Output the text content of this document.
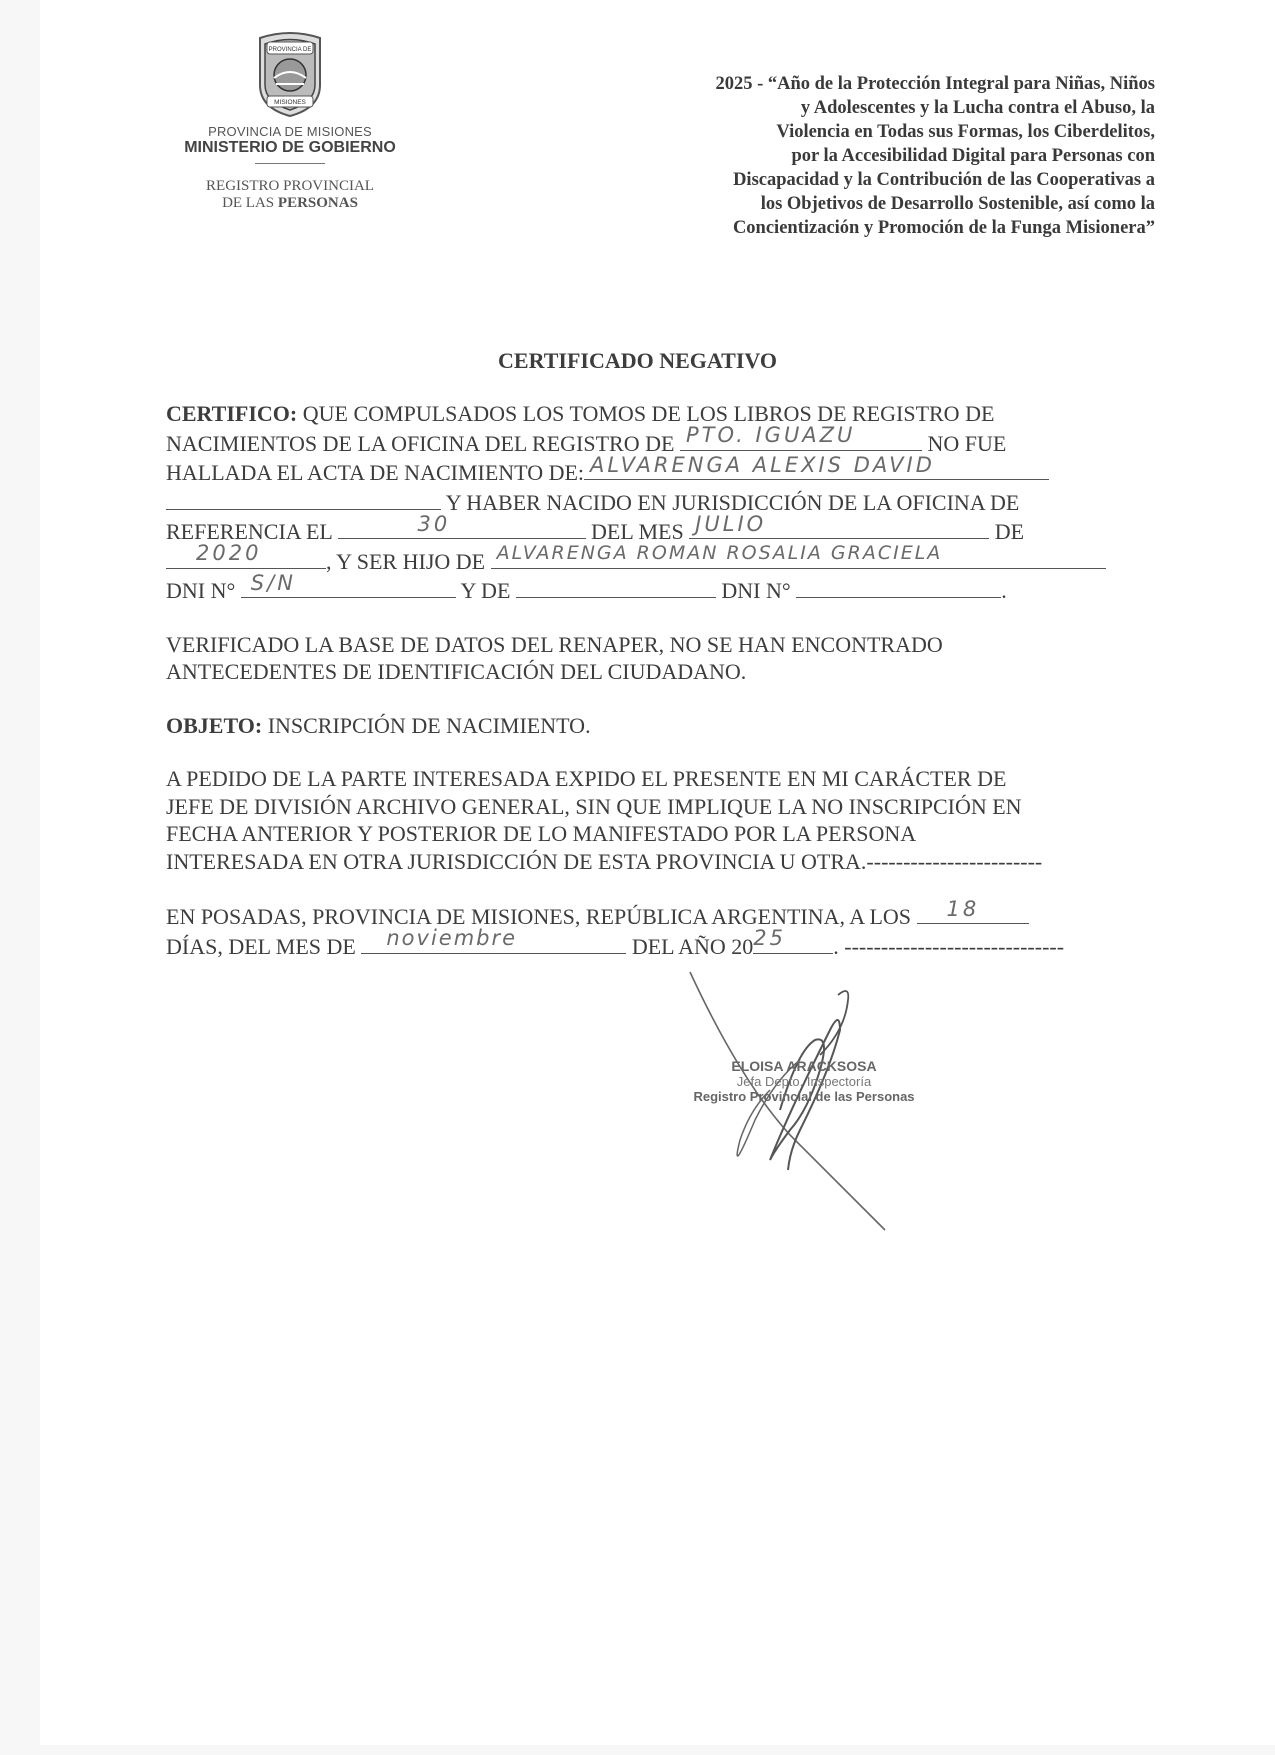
PROVINCIA DE
MISIONES
PROVINCIA DE MISIONES
MINISTERIO DE GOBIERNO
REGISTRO PROVINCIAL
DE LAS PERSONAS
2025 - “Año de la Protección Integral para Niñas, Niños
y Adolescentes y la Lucha contra el Abuso, la
Violencia en Todas sus Formas, los Ciberdelitos,
por la Accesibilidad Digital para Personas con
Discapacidad y la Contribución de las Cooperativas a
los Objetivos de Desarrollo Sostenible, así como la
Concientización y Promoción de la Funga Misionera”
CERTIFICADO NEGATIVO
CERTIFICO: QUE COMPULSADOS LOS TOMOS DE LOS LIBROS DE REGISTRO DE
NACIMIENTOS DE LA OFICINA DEL REGISTRO DE PTO. IGUAZU	NO FUE
HALLADA EL ACTA DE NACIMIENTO DE: ALVARENGA ALEXIS DAVID
Y HABER NACIDO EN JURISDICCIÓN DE LA OFICINA DE
REFERENCIA EL	30	DEL MES JULIO	DE
2020	, Y SER HIJO DE ALVARENGA ROMAN ROSALIA GRACIELA
DNI N° S/N	Y DE	DNI N°	.
VERIFICADO LA BASE DE DATOS DEL RENAPER, NO SE HAN ENCONTRADO
ANTECEDENTES DE IDENTIFICACIÓN DEL CIUDADANO.
OBJETO: INSCRIPCIÓN DE NACIMIENTO.
A PEDIDO DE LA PARTE INTERESADA EXPIDO EL PRESENTE EN MI CARÁCTER DE
JEFE DE DIVISIÓN ARCHIVO GENERAL, SIN QUE IMPLIQUE LA NO INSCRIPCIÓN EN
FECHA ANTERIOR Y POSTERIOR DE LO MANIFESTADO POR LA PERSONA
INTERESADA EN OTRA JURISDICCIÓN DE ESTA PROVINCIA U OTRA.------------------------
EN POSADAS, PROVINCIA DE MISIONES, REPÚBLICA ARGENTINA, A LOS 18
DÍAS, DEL MES DE noviembre	DEL AÑO 20 25 . ------------------------------
ELOISA ARACKSOSA
Jefa Depto. Inspectoría
Registro Provincial de las Personas
